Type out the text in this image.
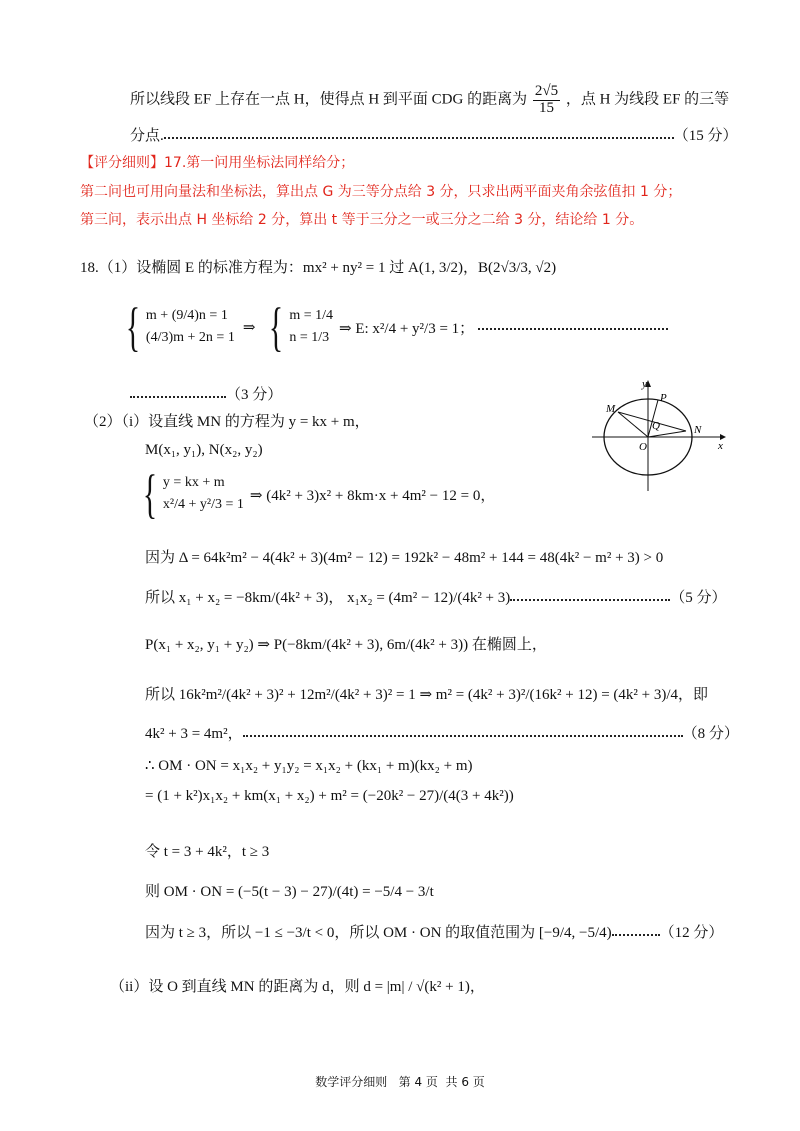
所以线段 EF 上存在一点 H，使得点 H 到平面 CDG 的距离为 $\frac{2√5}{15}$ ，点 H 为线段 EF 的三等
分点.	（15 分）
【评分细则】17.第一问用坐标法同样给分；
第二问也可用向量法和坐标法，算出点 G 为三等分点给 3 分，只求出两平面夹角余弦值扣 1 分；
第三问，表示出点 H 坐标给 2 分，算出 t 等于三分之一或三分之二给 3 分，结论给 1 分。
18.（1）设椭圆 E 的标准方程为：mx² + ny² = 1 过 A(1, 3/2)，B(2√3/3, √2)
{ m + (9/4)n = 1
(4/3)m + 2n = 1
⇒ { m = 1/4
n = 1/3
⇒ E: x²/4 + y²/3 = 1；
（3 分）
（2）（i）设直线 MN 的方程为 y = kx + m，
M(x₁, y₁), N(x₂, y₂)
{ y = kx + m
x²/4 + y²/3 = 1
⇒ (4k² + 3)x² + 8km·x + 4m² − 12 = 0，
因为 Δ = 64k²m² − 4(4k² + 3)(4m² − 12) = 192k² − 48m² + 144 = 48(4k² − m² + 3) > 0
所以 x₁ + x₂ = −8km/(4k² + 3)， x₁x₂ = (4m² − 12)/(4k² + 3)	（5 分）
P(x₁ + x₂, y₁ + y₂) ⇒ P(−8km/(4k² + 3), 6m/(4k² + 3)) 在椭圆上，
所以 16k²m²/(4k² + 3)² + 12m²/(4k² + 3)² = 1 ⇒ m² = (4k² + 3)²/(16k² + 12) = (4k² + 3)/4，即
4k² + 3 = 4m²，	（8 分）
∴ OM · ON = x₁x₂ + y₁y₂ = x₁x₂ + (kx₁ + m)(kx₂ + m)
= (1 + k²)x₁x₂ + km(x₁ + x₂) + m² = (−20k² − 27)/(4(3 + 4k²))
令 t = 3 + 4k²，t ≥ 3
则 OM · ON = (−5(t − 3) − 27)/(4t) = −5/4 − 3/t
因为 t ≥ 3，所以 −1 ≤ −3/t < 0，所以 OM · ON 的取值范围为 [−9/4, −5/4)	（12 分）
（ii）设 O 到直线 MN 的距离为 d，则 d = |m| / √(k² + 1)，
y
P
M
Q	N
O	x
数学评分细则   第 4 页  共 6 页
